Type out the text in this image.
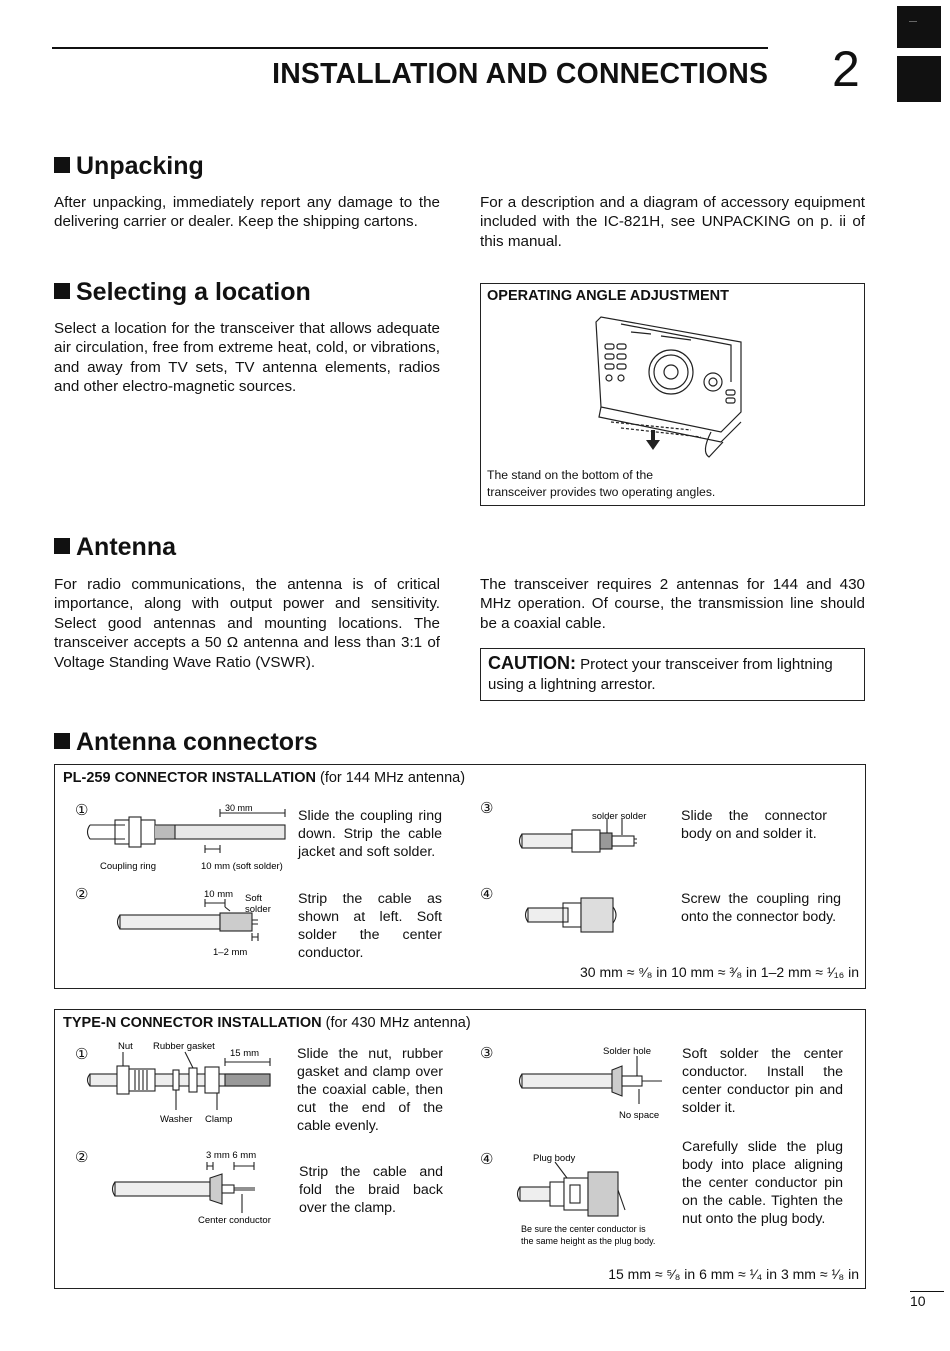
INSTALLATION AND CONNECTIONS 2
Unpacking
After unpacking, immediately report any damage to the delivering carrier or dealer. Keep the shipping cartons.
For a description and a diagram of accessory equipment included with the IC-821H, see UNPACKING on p. ii of this manual.
Selecting a location
Select a location for the transceiver that allows adequate air circulation, free from extreme heat, cold, or vibrations, and away from TV sets, TV antenna elements, radios and other electro-magnetic sources.
OPERATING ANGLE ADJUSTMENT
The stand on the bottom of the
transceiver provides two operating angles.
Antenna
For radio communications, the antenna is of critical importance, along with output power and sensitivity. Select good antennas and mounting locations. The transceiver accepts a 50 Ω antenna and less than 3:1 of Voltage Standing Wave Ratio (VSWR).
The transceiver requires 2 antennas for 144 and 430 MHz operation. Of course, the transmission line should be a coaxial cable.
CAUTION: Protect your transceiver from lightning using a lightning arrestor.
Antenna connectors
PL-259 CONNECTOR INSTALLATION (for 144 MHz antenna)
①	30 mm
Coupling ring	10 mm (soft solder)
Slide the coupling ring down. Strip the cable jacket and soft solder.
②	10 mm Soft
solder
1–2 mm
Strip the cable as shown at left. Soft solder the center conductor.
③	solder solder Slide the connector body on and solder it.
④	Screw the coupling ring onto the connector body.
30 mm ≈ ⁹⁄₈ in 10 mm ≈ ³⁄₈ in 1–2 mm ≈ ¹⁄₁₆ in
TYPE-N CONNECTOR INSTALLATION (for 430 MHz antenna)
①	Nut Rubber gasket
15 mm
Washer Clamp
Slide the nut, rubber gasket and clamp over the coaxial cable, then cut the end of the cable evenly.
②	3 mm 6 mm
Center conductor
Strip the cable and fold the braid back over the clamp.
③	Solder hole
No space
Soft solder the center conductor. Install the center conductor pin and solder it.
④	Plug body
Be sure the center conductor is
the same height as the plug body.
Carefully slide the plug body into place aligning the center conductor pin on the cable. Tighten the nut onto the plug body.
15 mm ≈ ⁵⁄₈ in 6 mm ≈ ¹⁄₄ in 3 mm ≈ ¹⁄₈ in
10
